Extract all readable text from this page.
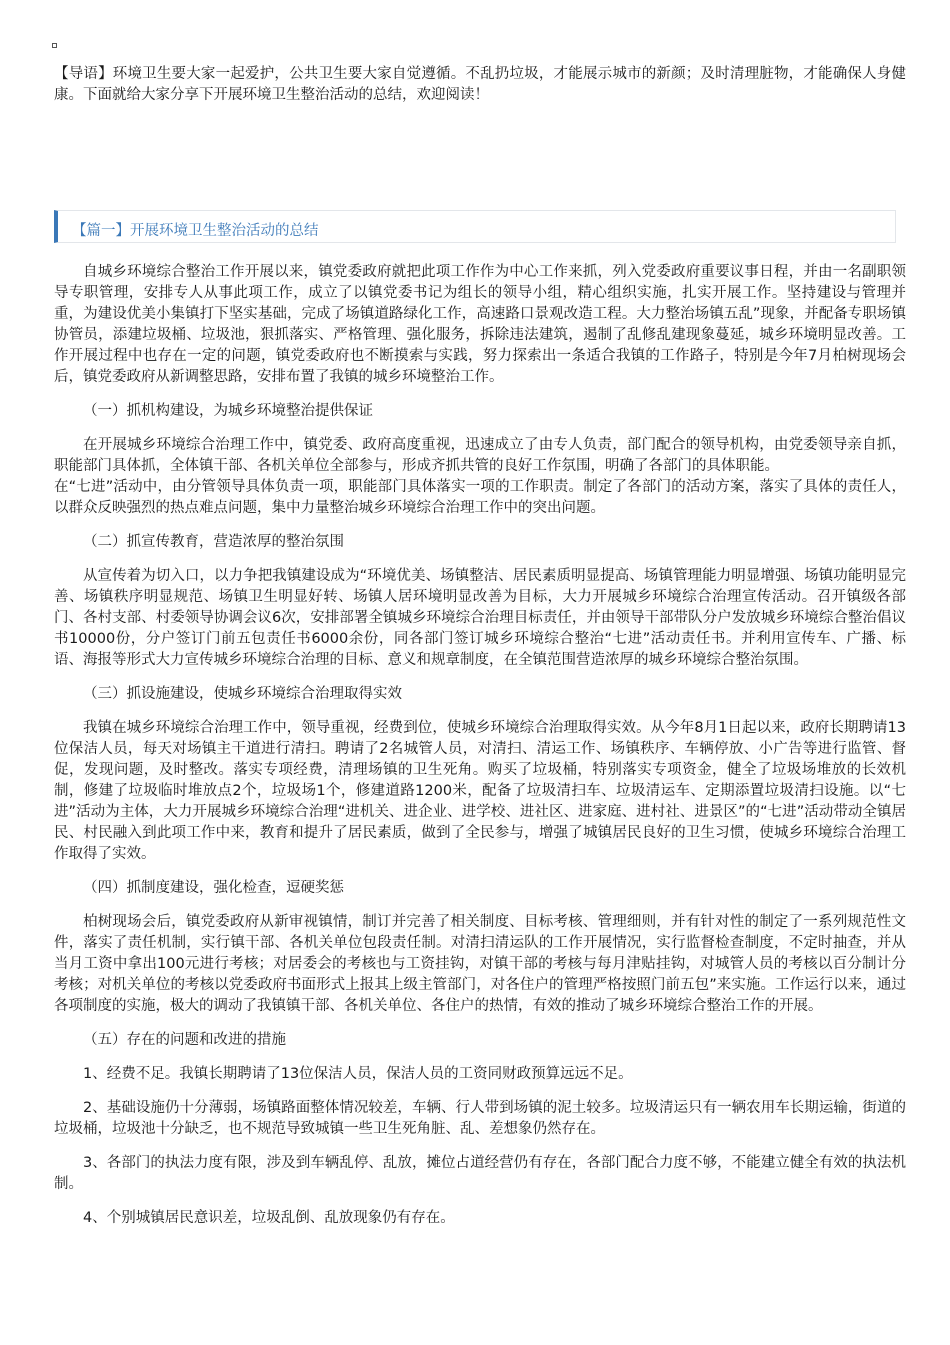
【导语】环境卫生要大家一起爱护，公共卫生要大家自觉遵循。不乱扔垃圾，才能展示城市的新颜；及时清理脏物，才能确保人身健康。下面就给大家分享下开展环境卫生整治活动的总结，欢迎阅读！

【篇一】开展环境卫生整治活动的总结

自城乡环境综合整治工作开展以来，镇党委政府就把此项工作作为中心工作来抓，列入党委政府重要议事日程，并由一名副职领导专职管理，安排专人从事此项工作，成立了以镇党委书记为组长的领导小组，精心组织实施，扎实开展工作。坚持建设与管理并重，为建设优美小集镇打下坚实基础，完成了场镇道路绿化工作，高速路口景观改造工程。大力整治场镇五乱”现象，并配备专职场镇协管员，添建垃圾桶、垃圾池，狠抓落实、严格管理、强化服务，拆除违法建筑，遏制了乱修乱建现象蔓延，城乡环境明显改善。工作开展过程中也存在一定的问题，镇党委政府也不断摸索与实践，努力探索出一条适合我镇的工作路子，特别是今年7月柏树现场会后，镇党委政府从新调整思路，安排布置了我镇的城乡环境整治工作。

（一）抓机构建设，为城乡环境整治提供保证

在开展城乡环境综合治理工作中，镇党委、政府高度重视，迅速成立了由专人负责，部门配合的领导机构，由党委领导亲自抓，职能部门具体抓，全体镇干部、各机关单位全部参与，形成齐抓共管的良好工作氛围，明确了各部门的具体职能。

在“七进”活动中，由分管领导具体负责一项，职能部门具体落实一项的工作职责。制定了各部门的活动方案，落实了具体的责任人，以群众反映强烈的热点难点问题，集中力量整治城乡环境综合治理工作中的突出问题。

（二）抓宣传教育，营造浓厚的整治氛围

从宣传着为切入口，以力争把我镇建设成为“环境优美、场镇整洁、居民素质明显提高、场镇管理能力明显增强、场镇功能明显完善、场镇秩序明显规范、场镇卫生明显好转、场镇人居环境明显改善为目标，大力开展城乡环境综合治理宣传活动。召开镇级各部门、各村支部、村委领导协调会议6次，安排部署全镇城乡环境综合治理目标责任，并由领导干部带队分户发放城乡环境综合整治倡议书10000份，分户签订门前五包责任书6000余份，同各部门签订城乡环境综合整治“七进”活动责任书。并利用宣传车、广播、标语、海报等形式大力宣传城乡环境综合治理的目标、意义和规章制度，在全镇范围营造浓厚的城乡环境综合整治氛围。

（三）抓设施建设，使城乡环境综合治理取得实效

我镇在城乡环境综合治理工作中，领导重视，经费到位，使城乡环境综合治理取得实效。从今年8月1日起以来，政府长期聘请13位保洁人员，每天对场镇主干道进行清扫。聘请了2名城管人员，对清扫、清运工作、场镇秩序、车辆停放、小广告等进行监管、督促，发现问题，及时整改。落实专项经费，清理场镇的卫生死角。购买了垃圾桶，特别落实专项资金，健全了垃圾场堆放的长效机制，修建了垃圾临时堆放点2个，垃圾场1个，修建道路1200米，配备了垃圾清扫车、垃圾清运车、定期添置垃圾清扫设施。以“七进”活动为主体，大力开展城乡环境综合治理“进机关、进企业、进学校、进社区、进家庭、进村社、进景区”的“七进”活动带动全镇居民、村民融入到此项工作中来，教育和提升了居民素质，做到了全民参与，增强了城镇居民良好的卫生习惯，使城乡环境综合治理工作取得了实效。

（四）抓制度建设，强化检查，逗硬奖惩

柏树现场会后，镇党委政府从新审视镇情，制订并完善了相关制度、目标考核、管理细则，并有针对性的制定了一系列规范性文件，落实了责任机制，实行镇干部、各机关单位包段责任制。对清扫清运队的工作开展情况，实行监督检查制度，不定时抽查，并从当月工资中拿出100元进行考核；对居委会的考核也与工资挂钩，对镇干部的考核与每月津贴挂钩，对城管人员的考核以百分制计分考核；对机关单位的考核以党委政府书面形式上报其上级主管部门，对各住户的管理严格按照门前五包”来实施。工作运行以来，通过各项制度的实施，极大的调动了我镇镇干部、各机关单位、各住户的热情，有效的推动了城乡环境综合整治工作的开展。

（五）存在的问题和改进的措施

1、经费不足。我镇长期聘请了13位保洁人员，保洁人员的工资同财政预算远远不足。

2、基础设施仍十分薄弱，场镇路面整体情况较差，车辆、行人带到场镇的泥土较多。垃圾清运只有一辆农用车长期运输，街道的垃圾桶，垃圾池十分缺乏，也不规范导致城镇一些卫生死角脏、乱、差想象仍然存在。

3、各部门的执法力度有限，涉及到车辆乱停、乱放，摊位占道经营仍有存在，各部门配合力度不够，不能建立健全有效的执法机制。

4、个别城镇居民意识差，垃圾乱倒、乱放现象仍有存在。
